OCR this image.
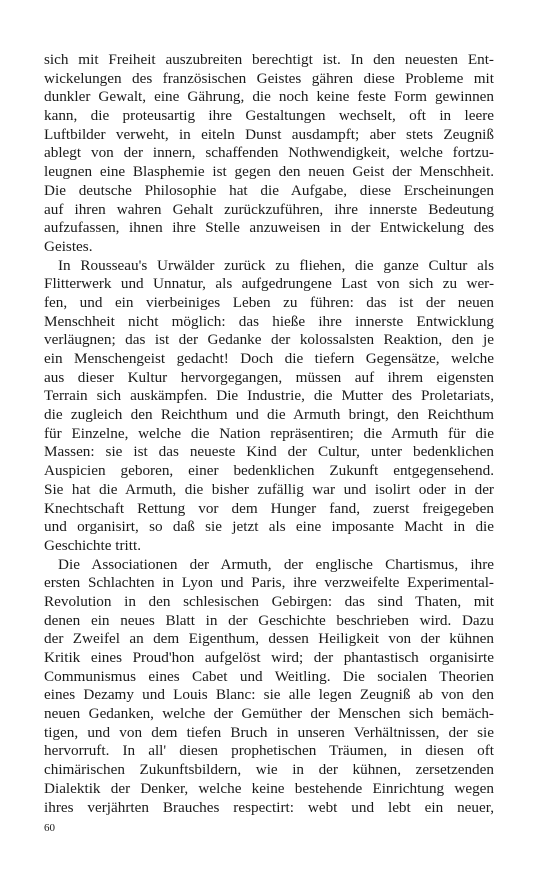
sich mit Freiheit auszubreiten berechtigt ist. In den neuesten Ent-
wickelungen des französischen Geistes gähren diese Probleme mit
dunkler Gewalt, eine Gährung, die noch keine feste Form gewinnen
kann, die proteusartig ihre Gestaltungen wechselt, oft in leere
Luftbilder verweht, in eiteln Dunst ausdampft; aber stets Zeugniß
ablegt von der innern, schaffenden Nothwendigkeit, welche fortzu-
leugnen eine Blasphemie ist gegen den neuen Geist der Menschheit.
Die deutsche Philosophie hat die Aufgabe, diese Erscheinungen
auf ihren wahren Gehalt zurückzuführen, ihre innerste Bedeutung
aufzufassen, ihnen ihre Stelle anzuweisen in der Entwickelung des
Geistes.
In Rousseau's Urwälder zurück zu fliehen, die ganze Cultur als
Flitterwerk und Unnatur, als aufgedrungene Last von sich zu wer-
fen, und ein vierbeiniges Leben zu führen: das ist der neuen
Menschheit nicht möglich: das hieße ihre innerste Entwicklung
verläugnen; das ist der Gedanke der kolossalsten Reaktion, den je
ein Menschengeist gedacht! Doch die tiefern Gegensätze, welche
aus dieser Kultur hervorgegangen, müssen auf ihrem eigensten
Terrain sich auskämpfen. Die Industrie, die Mutter des Proletariats,
die zugleich den Reichthum und die Armuth bringt, den Reichthum
für Einzelne, welche die Nation repräsentiren; die Armuth für die
Massen: sie ist das neueste Kind der Cultur, unter bedenklichen
Auspicien geboren, einer bedenklichen Zukunft entgegensehend.
Sie hat die Armuth, die bisher zufällig war und isolirt oder in der
Knechtschaft Rettung vor dem Hunger fand, zuerst freigegeben
und organisirt, so daß sie jetzt als eine imposante Macht in die
Geschichte tritt.
Die Associationen der Armuth, der englische Chartismus, ihre
ersten Schlachten in Lyon und Paris, ihre verzweifelte Experimental-
Revolution in den schlesischen Gebirgen: das sind Thaten, mit
denen ein neues Blatt in der Geschichte beschrieben wird. Dazu
der Zweifel an dem Eigenthum, dessen Heiligkeit von der kühnen
Kritik eines Proud'hon aufgelöst wird; der phantastisch organisirte
Communismus eines Cabet und Weitling. Die socialen Theorien
eines Dezamy und Louis Blanc: sie alle legen Zeugniß ab von den
neuen Gedanken, welche der Gemüther der Menschen sich bemäch-
tigen, und von dem tiefen Bruch in unseren Verhältnissen, der sie
hervorruft. In all' diesen prophetischen Träumen, in diesen oft
chimärischen Zukunftsbildern, wie in der kühnen, zersetzenden
Dialektik der Denker, welche keine bestehende Einrichtung wegen
ihres verjährten Brauches respectirt: webt und lebt ein neuer,
60
